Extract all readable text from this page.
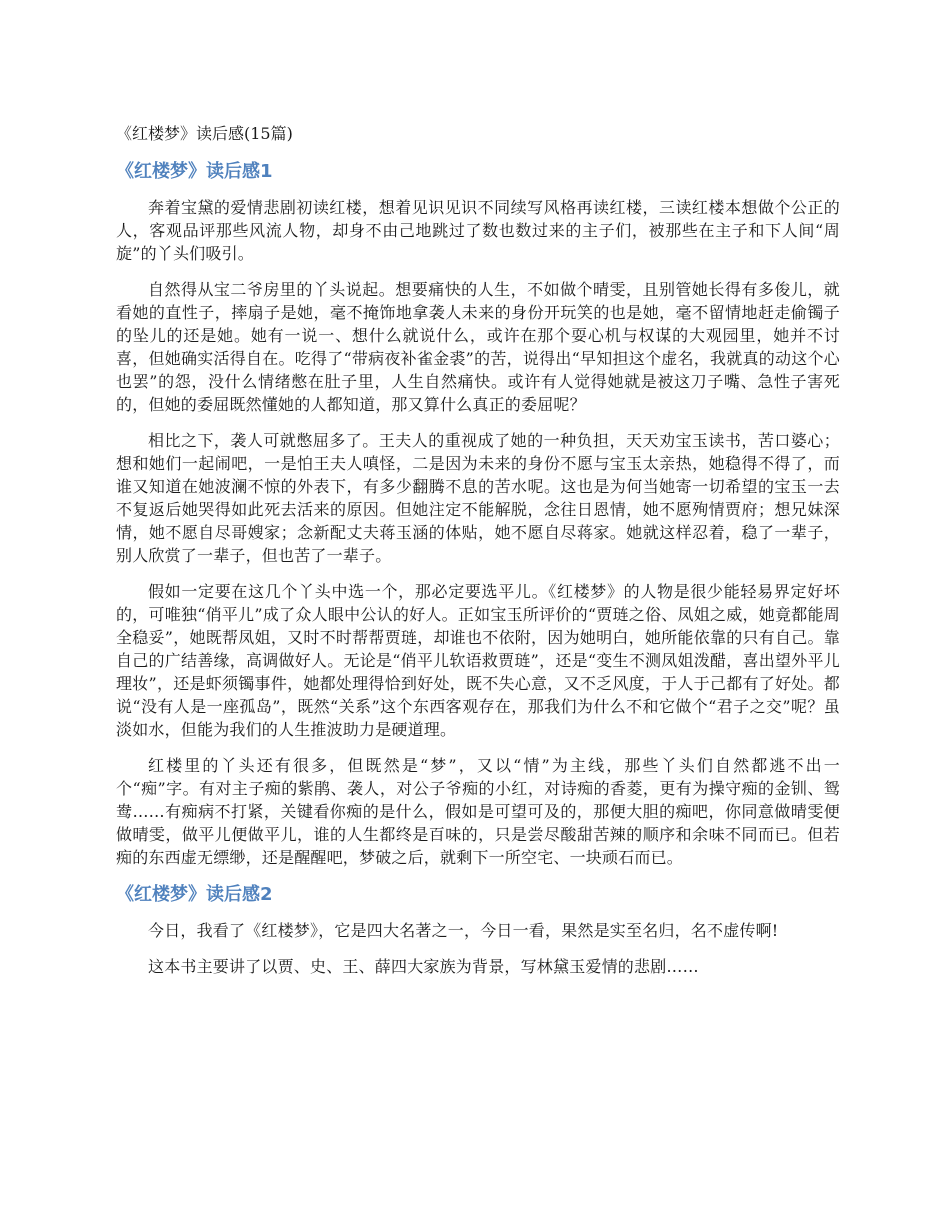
《红楼梦》读后感(15篇)
《红楼梦》读后感1

奔着宝黛的爱情悲剧初读红楼，想着见识见识不同续写风格再读红楼，三读红楼本想做个公正的人，客观品评那些风流人物，却身不由己地跳过了数也数过来的主子们，被那些在主子和下人间“周旋”的丫头们吸引。

自然得从宝二爷房里的丫头说起。想要痛快的人生，不如做个晴雯，且别管她长得有多俊儿，就看她的直性子，摔扇子是她，毫不掩饰地拿袭人未来的身份开玩笑的也是她，毫不留情地赶走偷镯子的坠儿的还是她。她有一说一、想什么就说什么，或许在那个耍心机与权谋的大观园里，她并不讨喜，但她确实活得自在。吃得了“带病夜补雀金裘”的苦，说得出“早知担这个虚名，我就真的动这个心也罢”的怨，没什么情绪憋在肚子里，人生自然痛快。或许有人觉得她就是被这刀子嘴、急性子害死的，但她的委屈既然懂她的人都知道，那又算什么真正的委屈呢？

相比之下，袭人可就憋屈多了。王夫人的重视成了她的一种负担，天天劝宝玉读书，苦口婆心；想和她们一起闹吧，一是怕王夫人嗔怪，二是因为未来的身份不愿与宝玉太亲热，她稳得不得了，而谁又知道在她波澜不惊的外表下，有多少翻腾不息的苦水呢。这也是为何当她寄一切希望的宝玉一去不复返后她哭得如此死去活来的原因。但她注定不能解脱，念往日恩情，她不愿殉情贾府；想兄妹深情，她不愿自尽哥嫂家；念新配丈夫蒋玉涵的体贴，她不愿自尽蒋家。她就这样忍着，稳了一辈子，别人欣赏了一辈子，但也苦了一辈子。

假如一定要在这几个丫头中选一个，那必定要选平儿。《红楼梦》的人物是很少能轻易界定好坏的，可唯独“俏平儿”成了众人眼中公认的好人。正如宝玉所评价的“贾琏之俗、凤姐之威，她竟都能周全稳妥”，她既帮凤姐，又时不时帮帮贾琏，却谁也不依附，因为她明白，她所能依靠的只有自己。靠自己的广结善缘，高调做好人。无论是“俏平儿软语救贾琏”，还是“变生不测凤姐泼醋，喜出望外平儿理妆”，还是虾须镯事件，她都处理得恰到好处，既不失心意，又不乏风度，于人于己都有了好处。都说“没有人是一座孤岛”，既然“关系”这个东西客观存在，那我们为什么不和它做个“君子之交”呢？虽淡如水，但能为我们的人生推波助力是硬道理。

红楼里的丫头还有很多，但既然是“梦”，又以“情”为主线，那些丫头们自然都逃不出一个“痴”字。有对主子痴的紫鹃、袭人，对公子爷痴的小红，对诗痴的香菱，更有为操守痴的金钏、鸳鸯……有痴病不打紧，关键看你痴的是什么，假如是可望可及的，那便大胆的痴吧，你同意做晴雯便做晴雯，做平儿便做平儿，谁的人生都终是百味的，只是尝尽酸甜苦辣的顺序和余味不同而已。但若痴的东西虚无缥缈，还是醒醒吧，梦破之后，就剩下一所空宅、一块顽石而已。

《红楼梦》读后感2

今日，我看了《红楼梦》，它是四大名著之一，今日一看，果然是实至名归，名不虚传啊!

这本书主要讲了以贾、史、王、薛四大家族为背景，写林黛玉爱情的悲剧……
